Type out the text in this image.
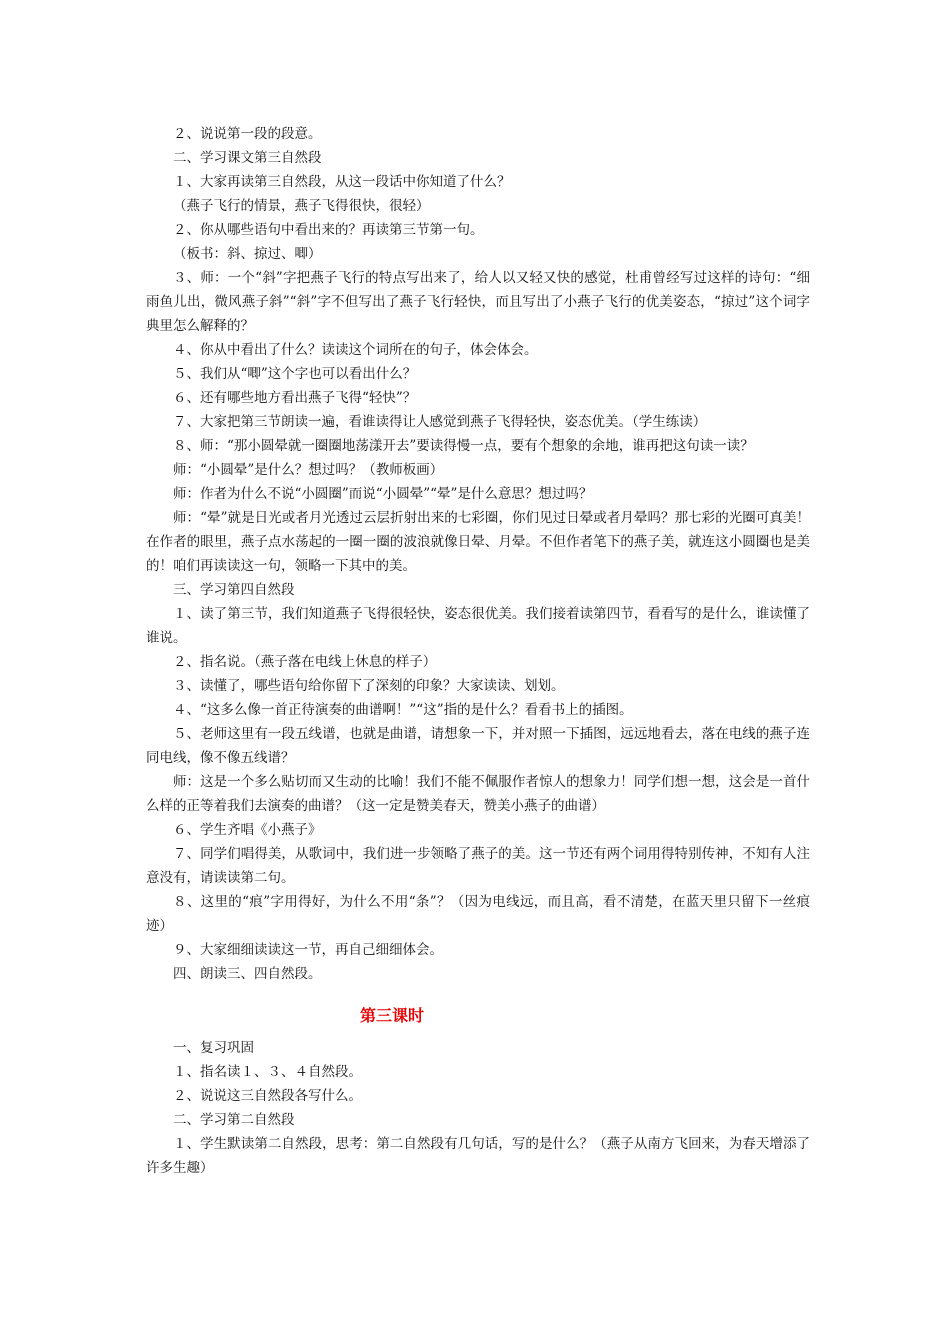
２、说说第一段的段意。

二、学习课文第三自然段

１、大家再读第三自然段，从这一段话中你知道了什么？

（燕子飞行的情景，燕子飞得很快，很轻）

２、你从哪些语句中看出来的？再读第三节第一句。

（板书：斜、掠过、唧）

３、师：一个“斜”字把燕子飞行的特点写出来了，给人以又轻又快的感觉，杜甫曾经写过这样的诗句：“细雨鱼儿出，微风燕子斜”“斜”字不但写出了燕子飞行轻快，而且写出了小燕子飞行的优美姿态，“掠过”这个词字典里怎么解释的？

４、你从中看出了什么？读读这个词所在的句子，体会体会。

５、我们从“唧”这个字也可以看出什么？

６、还有哪些地方看出燕子飞得“轻快”？

７、大家把第三节朗读一遍，看谁读得让人感觉到燕子飞得轻快，姿态优美。（学生练读）

８、师：“那小圆晕就一圈圈地荡漾开去”要读得慢一点，要有个想象的余地，谁再把这句读一读？

师：“小圆晕”是什么？想过吗？（教师板画）

师：作者为什么不说“小圆圈”而说“小圆晕”“晕”是什么意思？想过吗？

师：“晕”就是日光或者月光透过云层折射出来的七彩圈，你们见过日晕或者月晕吗？那七彩的光圈可真美！在作者的眼里，燕子点水荡起的一圈一圈的波浪就像日晕、月晕。不但作者笔下的燕子美，就连这小圆圈也是美的！咱们再读读这一句，领略一下其中的美。

三、学习第四自然段

１、读了第三节，我们知道燕子飞得很轻快，姿态很优美。我们接着读第四节，看看写的是什么，谁读懂了谁说。

２、指名说。（燕子落在电线上休息的样子）

３、读懂了，哪些语句给你留下了深刻的印象？大家读读、划划。

４、“这多么像一首正待演奏的曲谱啊！”“这”指的是什么？看看书上的插图。

５、老师这里有一段五线谱，也就是曲谱，请想象一下，并对照一下插图，远远地看去，落在电线的燕子连同电线，像不像五线谱？

师：这是一个多么贴切而又生动的比喻！我们不能不佩服作者惊人的想象力！同学们想一想，这会是一首什么样的正等着我们去演奏的曲谱？（这一定是赞美春天，赞美小燕子的曲谱）

６、学生齐唱《小燕子》

７、同学们唱得美，从歌词中，我们进一步领略了燕子的美。这一节还有两个词用得特别传神，不知有人注意没有，请读读第二句。

８、这里的“痕”字用得好，为什么不用“条”？（因为电线远，而且高，看不清楚，在蓝天里只留下一丝痕迹）

９、大家细细读读这一节，再自己细细体会。

四、朗读三、四自然段。

第三课时

一、复习巩固

１、指名读１、３、４自然段。

２、说说这三自然段各写什么。

二、学习第二自然段

１、学生默读第二自然段，思考：第二自然段有几句话，写的是什么？（燕子从南方飞回来，为春天增添了许多生趣）
